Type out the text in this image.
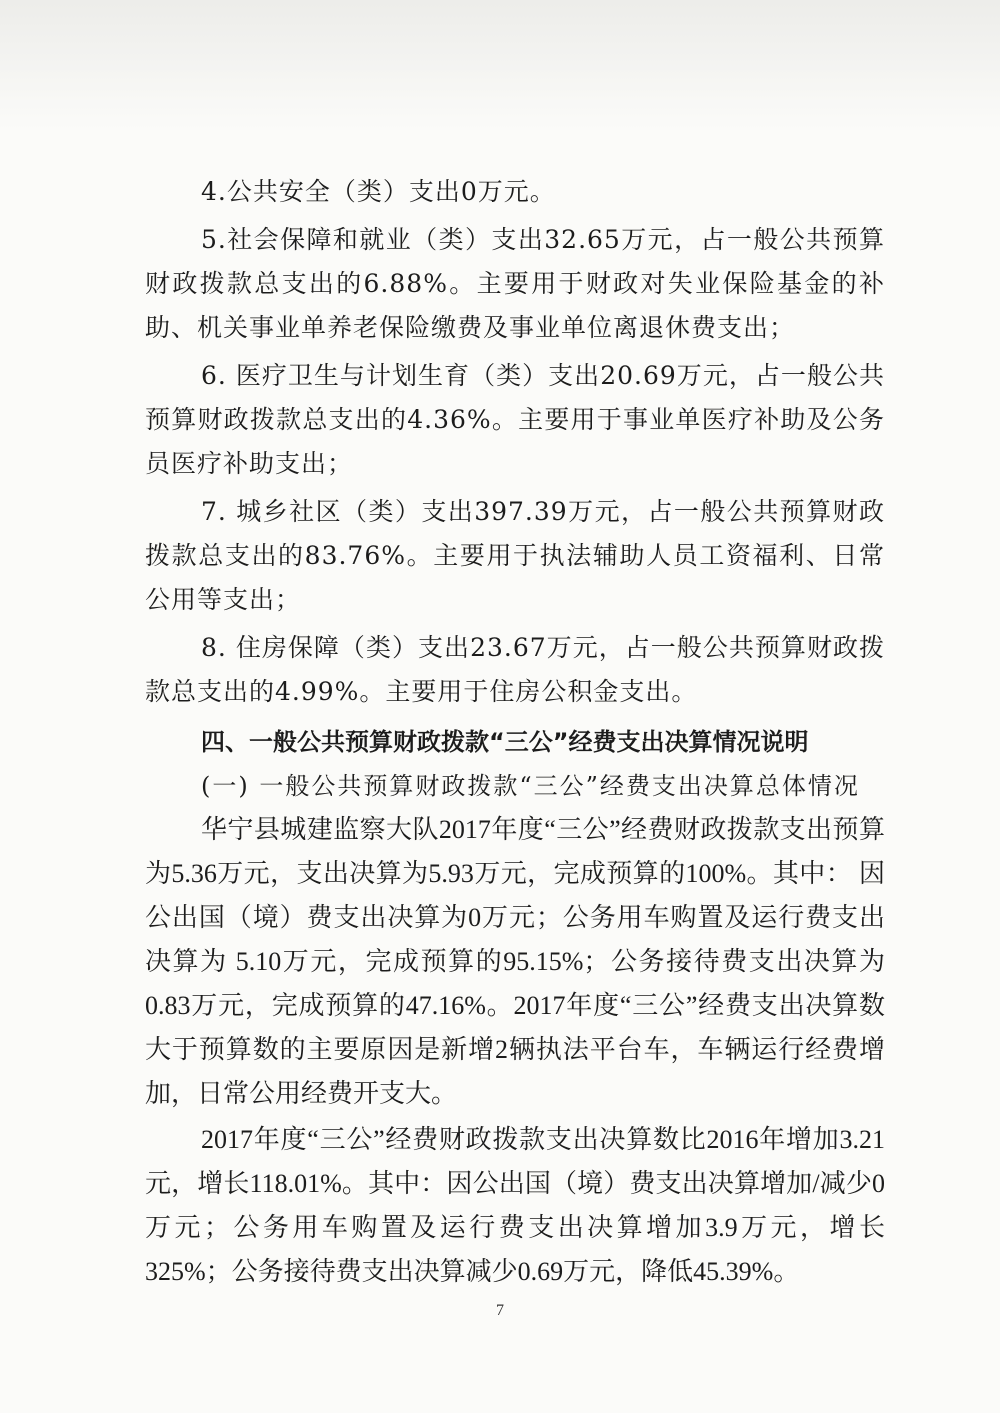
4.公共安全（类）支出0万元。

5.社会保障和就业（类）支出32.65万元，占一般公共预算财政拨款总支出的6.88%。主要用于财政对失业保险基金的补助、机关事业单养老保险缴费及事业单位离退休费支出；

6. 医疗卫生与计划生育（类）支出20.69万元，占一般公共预算财政拨款总支出的4.36%。主要用于事业单医疗补助及公务员医疗补助支出；

7. 城乡社区（类）支出397.39万元，占一般公共预算财政拨款总支出的83.76%。主要用于执法辅助人员工资福利、日常公用等支出；

8. 住房保障（类）支出23.67万元，占一般公共预算财政拨款总支出的4.99%。主要用于住房公积金支出。

四、一般公共预算财政拨款“三公”经费支出决算情况说明

(一) 一般公共预算财政拨款“三公”经费支出决算总体情况

华宁县城建监察大队2017年度“三公”经费财政拨款支出预算为5.36万元，支出决算为5.93万元，完成预算的100%。其中： 因公出国（境）费支出决算为0万元；公务用车购置及运行费支出决算为 5.10万元，完成预算的95.15%；公务接待费支出决算为0.83万元，完成预算的47.16%。2017年度“三公”经费支出决算数大于预算数的主要原因是新增2辆执法平台车，车辆运行经费增加，日常公用经费开支大。

2017年度“三公”经费财政拨款支出决算数比2016年增加3.21元，增长118.01%。其中：因公出国（境）费支出决算增加/减少0万元；公务用车购置及运行费支出决算增加3.9万元，增长325%；公务接待费支出决算减少0.69万元，降低45.39%。

7
